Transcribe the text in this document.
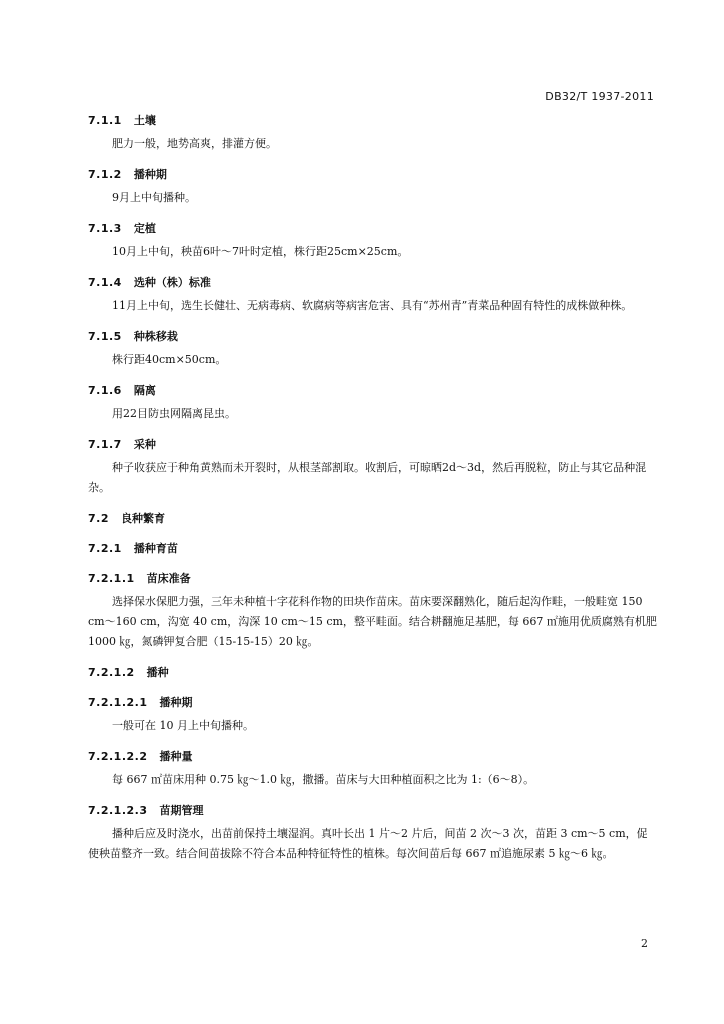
DB32/T 1937-2011
7.1.1 土壤

肥力一般，地势高爽，排灌方便。

7.1.2 播种期

9月上中旬播种。

7.1.3 定植

10月上中旬，秧苗6叶～7叶时定植，株行距25cm×25cm。

7.1.4 选种（株）标准

11月上中旬，选生长健壮、无病毒病、软腐病等病害危害、具有“苏州青”青菜品种固有特性的成株做种株。

7.1.5 种株移栽

株行距40cm×50cm。

7.1.6 隔离

用22目防虫网隔离昆虫。

7.1.7 采种

种子收获应于种角黄熟而未开裂时，从根茎部割取。收割后，可晾晒2d～3d，然后再脱粒，防止与其它品种混杂。

7.2 良种繁育
7.2.1 播种育苗
7.2.1.1 苗床准备

选择保水保肥力强，三年未种植十字花科作物的田块作苗床。苗床要深翻熟化，随后起沟作畦，一般畦宽 150 cm～160 cm，沟宽 40 cm，沟深 10 cm～15 cm，整平畦面。结合耕翻施足基肥，每 667 ㎡施用优质腐熟有机肥 1000 ㎏，氮磷钾复合肥（15-15-15）20 ㎏。

7.2.1.2 播种
7.2.1.2.1 播种期

一般可在 10 月上中旬播种。

7.2.1.2.2 播种量

每 667 ㎡苗床用种 0.75 ㎏～1.0 ㎏，撒播。苗床与大田种植面积之比为 1:（6～8）。

7.2.1.2.3 苗期管理

播种后应及时浇水，出苗前保持土壤湿润。真叶长出 1 片～2 片后，间苗 2 次～3 次，苗距 3 cm～5 cm，促使秧苗整齐一致。结合间苗拔除不符合本品种特征特性的植株。每次间苗后每 667 ㎡追施尿素 5 ㎏～6 ㎏。

2
